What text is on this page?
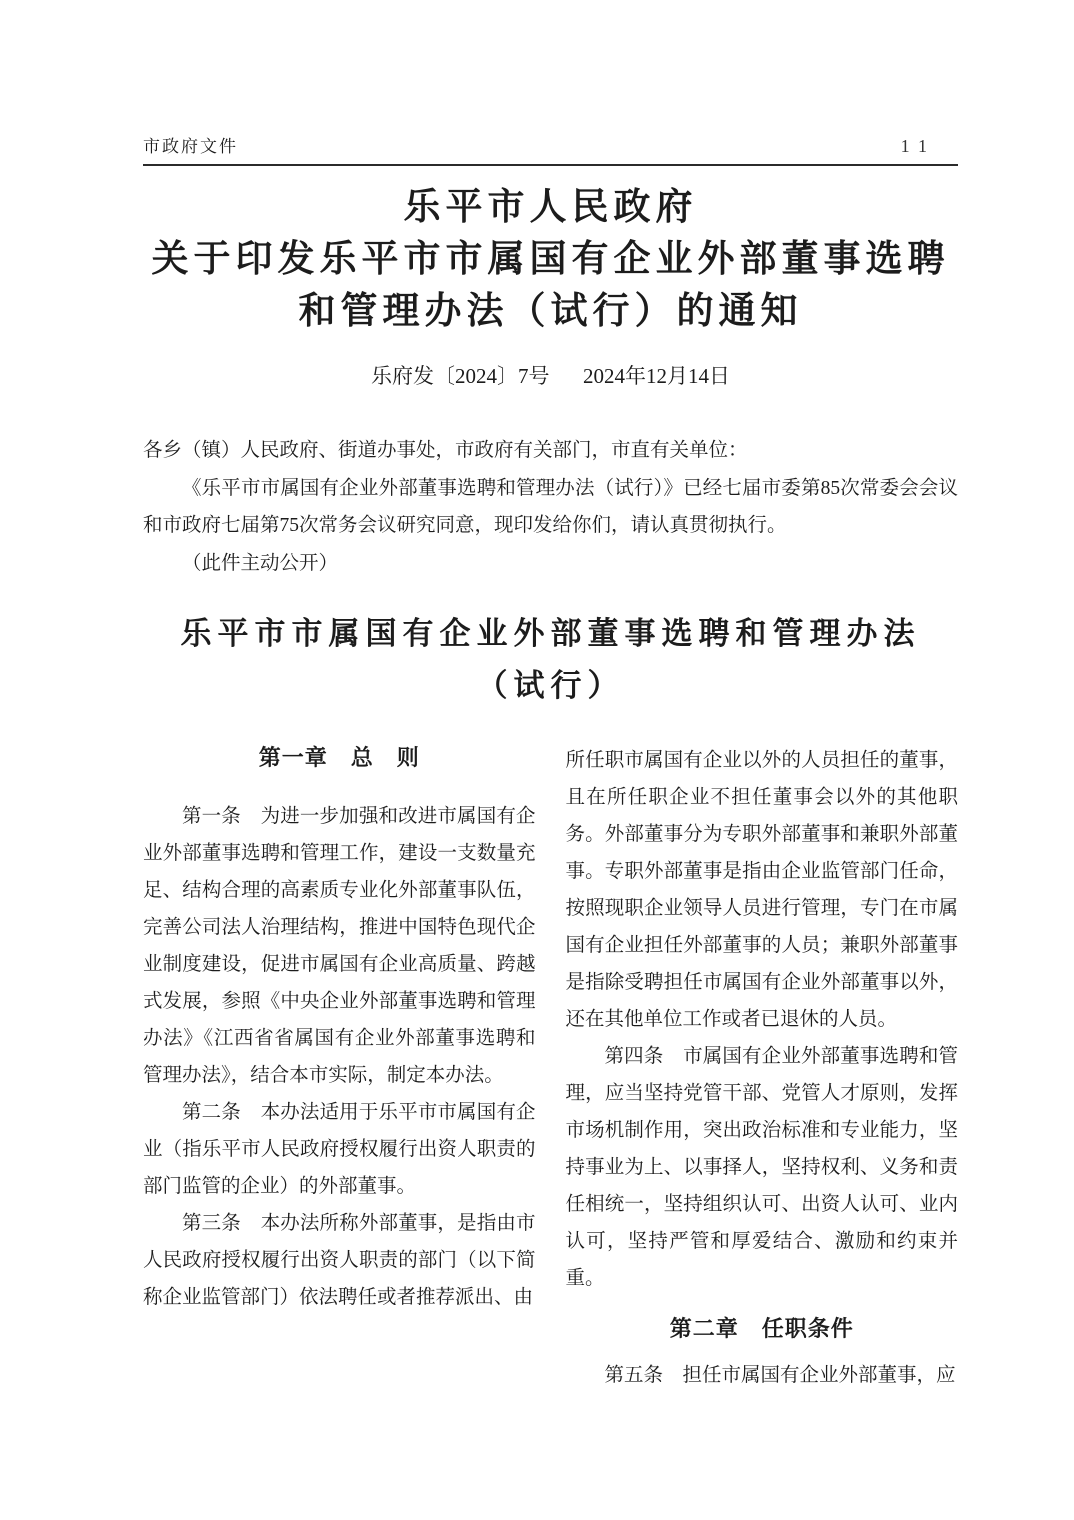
市政府文件	11
乐平市人民政府
关于印发乐平市市属国有企业外部董事选聘
和管理办法（试行）的通知
乐府发〔2024〕7号 2024年12月14日

各乡（镇）人民政府、街道办事处，市政府有关部门，市直有关单位：

《乐平市市属国有企业外部董事选聘和管理办法（试行）》已经七届市委第85次常委会会议和市政府七届第75次常务会议研究同意，现印发给你们，请认真贯彻执行。

（此件主动公开）

乐平市市属国有企业外部董事选聘和管理办法
（试行）
第一章　总　则

第一条　为进一步加强和改进市属国有企业外部董事选聘和管理工作，建设一支数量充足、结构合理的高素质专业化外部董事队伍，完善公司法人治理结构，推进中国特色现代企业制度建设，促进市属国有企业高质量、跨越式发展，参照《中央企业外部董事选聘和管理办法》《江西省省属国有企业外部董事选聘和管理办法》，结合本市实际，制定本办法。

第二条　本办法适用于乐平市市属国有企业（指乐平市人民政府授权履行出资人职责的部门监管的企业）的外部董事。

第三条　本办法所称外部董事，是指由市人民政府授权履行出资人职责的部门（以下简称企业监管部门）依法聘任或者推荐派出、由

所任职市属国有企业以外的人员担任的董事，且在所任职企业不担任董事会以外的其他职务。外部董事分为专职外部董事和兼职外部董事。专职外部董事是指由企业监管部门任命，按照现职企业领导人员进行管理，专门在市属国有企业担任外部董事的人员；兼职外部董事是指除受聘担任市属国有企业外部董事以外，还在其他单位工作或者已退休的人员。

第四条　市属国有企业外部董事选聘和管理，应当坚持党管干部、党管人才原则，发挥市场机制作用，突出政治标准和专业能力，坚持事业为上、以事择人，坚持权利、义务和责任相统一，坚持组织认可、出资人认可、业内认可，坚持严管和厚爱结合、激励和约束并重。

第二章　任职条件

第五条　担任市属国有企业外部董事，应
